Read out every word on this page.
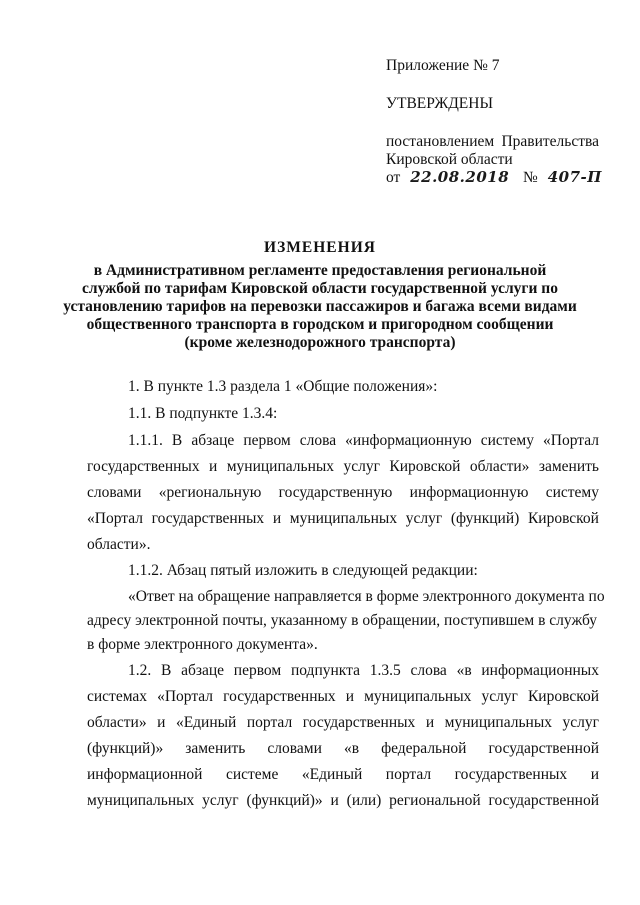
Приложение № 7
УТВЕРЖДЕНЫ
постановлением Правительства
Кировской области
от 22.08.2018 № 407-П
ИЗМЕНЕНИЯ
в Административном регламенте предоставления региональной
службой по тарифам Кировской области государственной услуги по
установлению тарифов на перевозки пассажиров и багажа всеми видами
общественного транспорта в городском и пригородном сообщении
(кроме железнодорожного транспорта)
1. В пункте 1.3 раздела 1 «Общие положения»:
1.1. В подпункте 1.3.4:
1.1.1. В абзаце первом слова «информационную систему «Портал
государственных и муниципальных услуг Кировской области» заменить
словами «региональную государственную информационную систему
«Портал государственных и муниципальных услуг (функций) Кировской
области».
1.1.2. Абзац пятый изложить в следующей редакции:
«Ответ на обращение направляется в форме электронного документа по
адресу электронной почты, указанному в обращении, поступившем в службу
в форме электронного документа».
1.2. В абзаце первом подпункта 1.3.5 слова «в информационных
системах «Портал государственных и муниципальных услуг Кировской
области» и «Единый портал государственных и муниципальных услуг
(функций)» заменить словами «в федеральной государственной
информационной системе «Единый портал государственных и
муниципальных услуг (функций)» и (или) региональной государственной
